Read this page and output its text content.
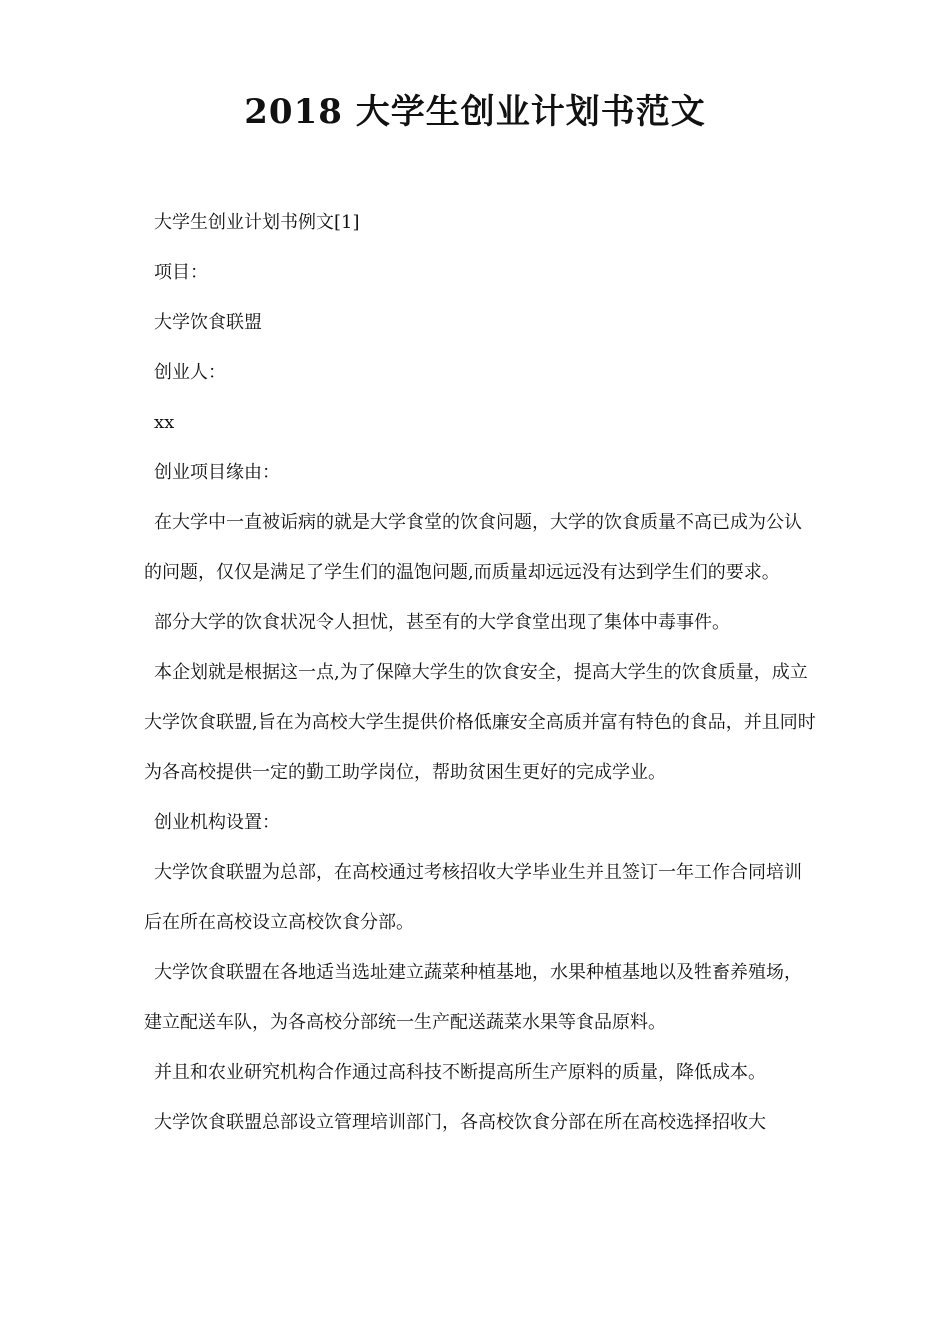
2018 大学生创业计划书范文

大学生创业计划书例文[1]

项目：

大学饮食联盟

创业人：

xx

创业项目缘由：

在大学中一直被诟病的就是大学食堂的饮食问题，大学的饮食质量不高已成为公认的问题，仅仅是满足了学生们的温饱问题,而质量却远远没有达到学生们的要求。

部分大学的饮食状况令人担忧，甚至有的大学食堂出现了集体中毒事件。

本企划就是根据这一点,为了保障大学生的饮食安全，提高大学生的饮食质量，成立大学饮食联盟,旨在为高校大学生提供价格低廉安全高质并富有特色的食品，并且同时为各高校提供一定的勤工助学岗位，帮助贫困生更好的完成学业。

创业机构设置：

大学饮食联盟为总部，在高校通过考核招收大学毕业生并且签订一年工作合同培训后在所在高校设立高校饮食分部。

大学饮食联盟在各地适当选址建立蔬菜种植基地，水果种植基地以及牲畜养殖场，建立配送车队，为各高校分部统一生产配送蔬菜水果等食品原料。

并且和农业研究机构合作通过高科技不断提高所生产原料的质量，降低成本。

大学饮食联盟总部设立管理培训部门，各高校饮食分部在所在高校选择招收大
